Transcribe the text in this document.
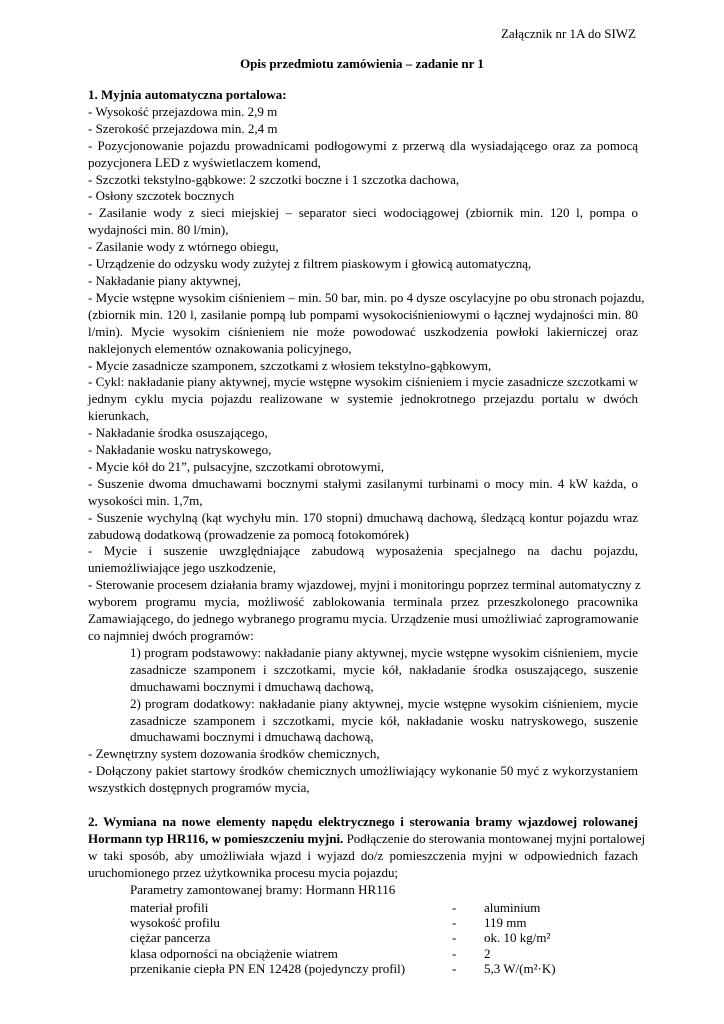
Załącznik nr 1A do SIWZ
Opis przedmiotu zamówienia – zadanie nr 1
1. Myjnia automatyczna portalowa:
- Wysokość przejazdowa min. 2,9 m
- Szerokość przejazdowa min. 2,4 m
- Pozycjonowanie pojazdu prowadnicami podłogowymi z przerwą dla wysiadającego oraz za pomocą
pozycjonera LED z wyświetlaczem komend,
- Szczotki tekstylno-gąbkowe: 2 szczotki boczne i 1 szczotka dachowa,
- Osłony szczotek bocznych
- Zasilanie wody z sieci miejskiej – separator sieci wodociągowej (zbiornik min. 120 l, pompa o
wydajności min. 80 l/min),
- Zasilanie wody z wtórnego obiegu,
- Urządzenie do odzysku wody zużytej z filtrem piaskowym i głowicą automatyczną,
- Nakładanie piany aktywnej,
- Mycie wstępne wysokim ciśnieniem – min. 50 bar, min. po 4 dysze oscylacyjne po obu stronach pojazdu,
(zbiornik min. 120 l, zasilanie pompą lub pompami wysokociśnieniowymi o łącznej wydajności min. 80
l/min). Mycie wysokim ciśnieniem nie może powodować uszkodzenia powłoki lakierniczej oraz
naklejonych elementów oznakowania policyjnego,
- Mycie zasadnicze szamponem, szczotkami z włosiem tekstylno-gąbkowym,
- Cykl: nakładanie piany aktywnej, mycie wstępne wysokim ciśnieniem i mycie zasadnicze szczotkami w
jednym cyklu mycia pojazdu realizowane w systemie jednokrotnego przejazdu portalu w dwóch
kierunkach,
- Nakładanie środka osuszającego,
- Nakładanie wosku natryskowego,
- Mycie kół do 21”, pulsacyjne, szczotkami obrotowymi,
- Suszenie dwoma dmuchawami bocznymi stałymi zasilanymi turbinami o mocy min. 4 kW każda, o
wysokości min. 1,7m,
- Suszenie wychylną (kąt wychyłu min. 170 stopni) dmuchawą dachową, śledzącą kontur pojazdu wraz
zabudową dodatkową (prowadzenie za pomocą fotokomórek)
- Mycie i suszenie uwzględniające zabudową wyposażenia specjalnego na dachu pojazdu,
uniemożliwiające jego uszkodzenie,
- Sterowanie procesem działania bramy wjazdowej, myjni i monitoringu poprzez terminal automatyczny z
wyborem programu mycia, możliwość zablokowania terminala przez przeszkolonego pracownika
Zamawiającego, do jednego wybranego programu mycia. Urządzenie musi umożliwiać zaprogramowanie
co najmniej dwóch programów:
1) program podstawowy: nakładanie piany aktywnej, mycie wstępne wysokim ciśnieniem, mycie
zasadnicze szamponem i szczotkami, mycie kół, nakładanie środka osuszającego, suszenie
dmuchawami bocznymi i dmuchawą dachową,
2) program dodatkowy: nakładanie piany aktywnej, mycie wstępne wysokim ciśnieniem, mycie
zasadnicze szamponem i szczotkami, mycie kół, nakładanie wosku natryskowego, suszenie
dmuchawami bocznymi i dmuchawą dachową,
- Zewnętrzny system dozowania środków chemicznych,
- Dołączony pakiet startowy środków chemicznych umożliwiający wykonanie 50 myć z wykorzystaniem
wszystkich dostępnych programów mycia,
2. Wymiana na nowe elementy napędu elektrycznego i sterowania bramy wjazdowej rolowanej
Hormann typ HR116, w pomieszczeniu myjni. Podłączenie do sterowania montowanej myjni portalowej
w taki sposób, aby umożliwiała wjazd i wyjazd do/z pomieszczenia myjni w odpowiednich fazach
uruchomionego przez użytkownika procesu mycia pojazdu;
Parametry zamontowanej bramy: Hormann HR116
materiał profili	-	aluminium
wysokość profilu	-	119 mm
ciężar pancerza	-	ok. 10 kg/m²
klasa odporności na obciążenie wiatrem	-	2
przenikanie ciepła PN EN 12428 (pojedynczy profil)	-	5,3 W/(m²·K)
